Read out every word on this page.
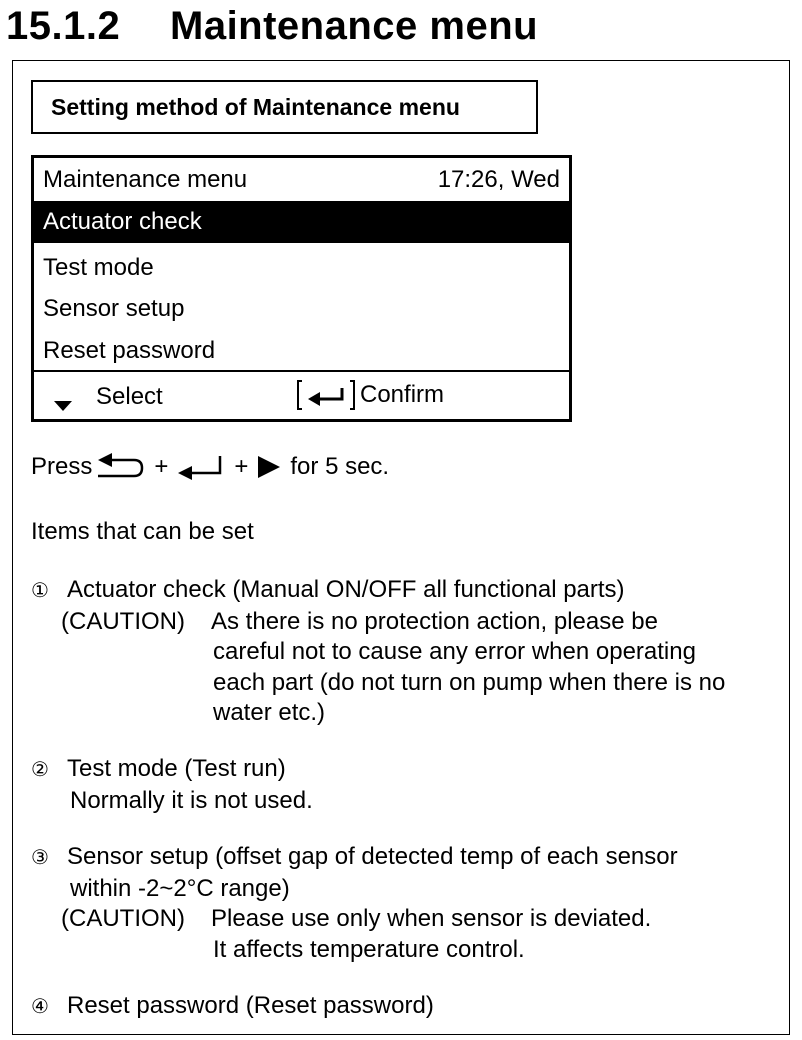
15.1.2 Maintenance menu
Setting method of Maintenance menu
Maintenance menu	17:26, Wed
Actuator check
Test mode
Sensor setup
Reset password
Select	Confirm
Press	+	+ for 5 sec.
Items that can be set
① Actuator check (Manual ON/OFF all functional parts)
(CAUTION) As there is no protection action, please be
careful not to cause any error when operating
each part (do not turn on pump when there is no
water etc.)
② Test mode (Test run)
Normally it is not used.
③ Sensor setup (offset gap of detected temp of each sensor
within -2~2°C range)
(CAUTION) Please use only when sensor is deviated.
It affects temperature control.
④ Reset password (Reset password)
